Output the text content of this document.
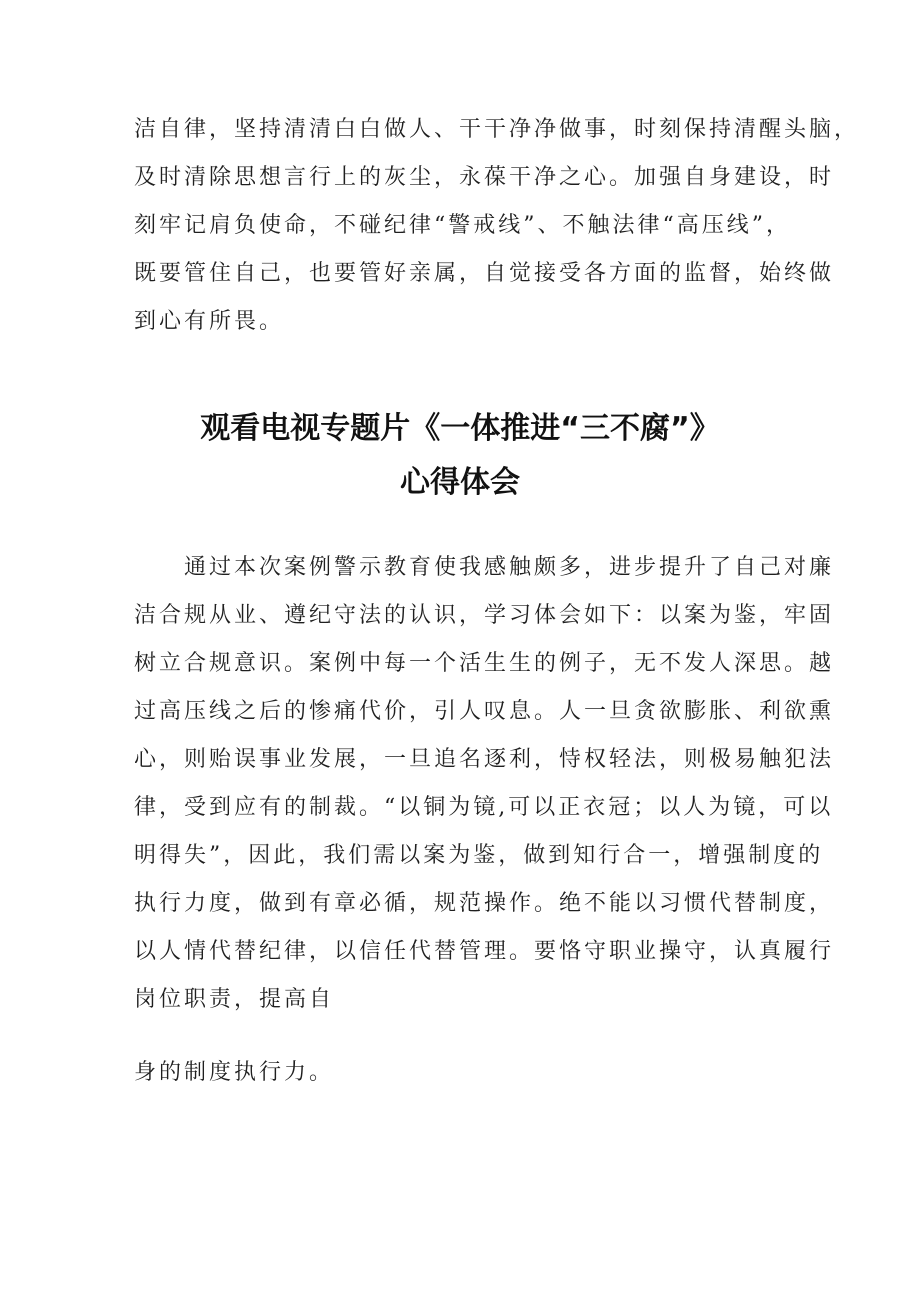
洁自律，坚持清清白白做人、干干净净做事，时刻保持清醒头脑，
及时清除思想言行上的灰尘，永葆干净之心。加强自身建设，时
刻牢记肩负使命，不碰纪律“警戒线”、不触法律“高压线”，
既要管住自己，也要管好亲属，自觉接受各方面的监督，始终做
到心有所畏。
观看电视专题片《一体推进“三不腐”》
心得体会
通过本次案例警示教育使我感触颇多，进步提升了自己对廉
洁合规从业、遵纪守法的认识，学习体会如下：以案为鉴，牢固
树立合规意识。案例中每一个活生生的例子，无不发人深思。越
过高压线之后的惨痛代价，引人叹息。人一旦贪欲膨胀、利欲熏
心，则贻误事业发展，一旦追名逐利，恃权轻法，则极易触犯法
律，受到应有的制裁。“以铜为镜,可以正衣冠；以人为镜，可以
明得失”，因此，我们需以案为鉴，做到知行合一，增强制度的
执行力度，做到有章必循，规范操作。绝不能以习惯代替制度，
以人情代替纪律，以信任代替管理。要恪守职业操守，认真履行
岗位职责，提高自
身的制度执行力。
